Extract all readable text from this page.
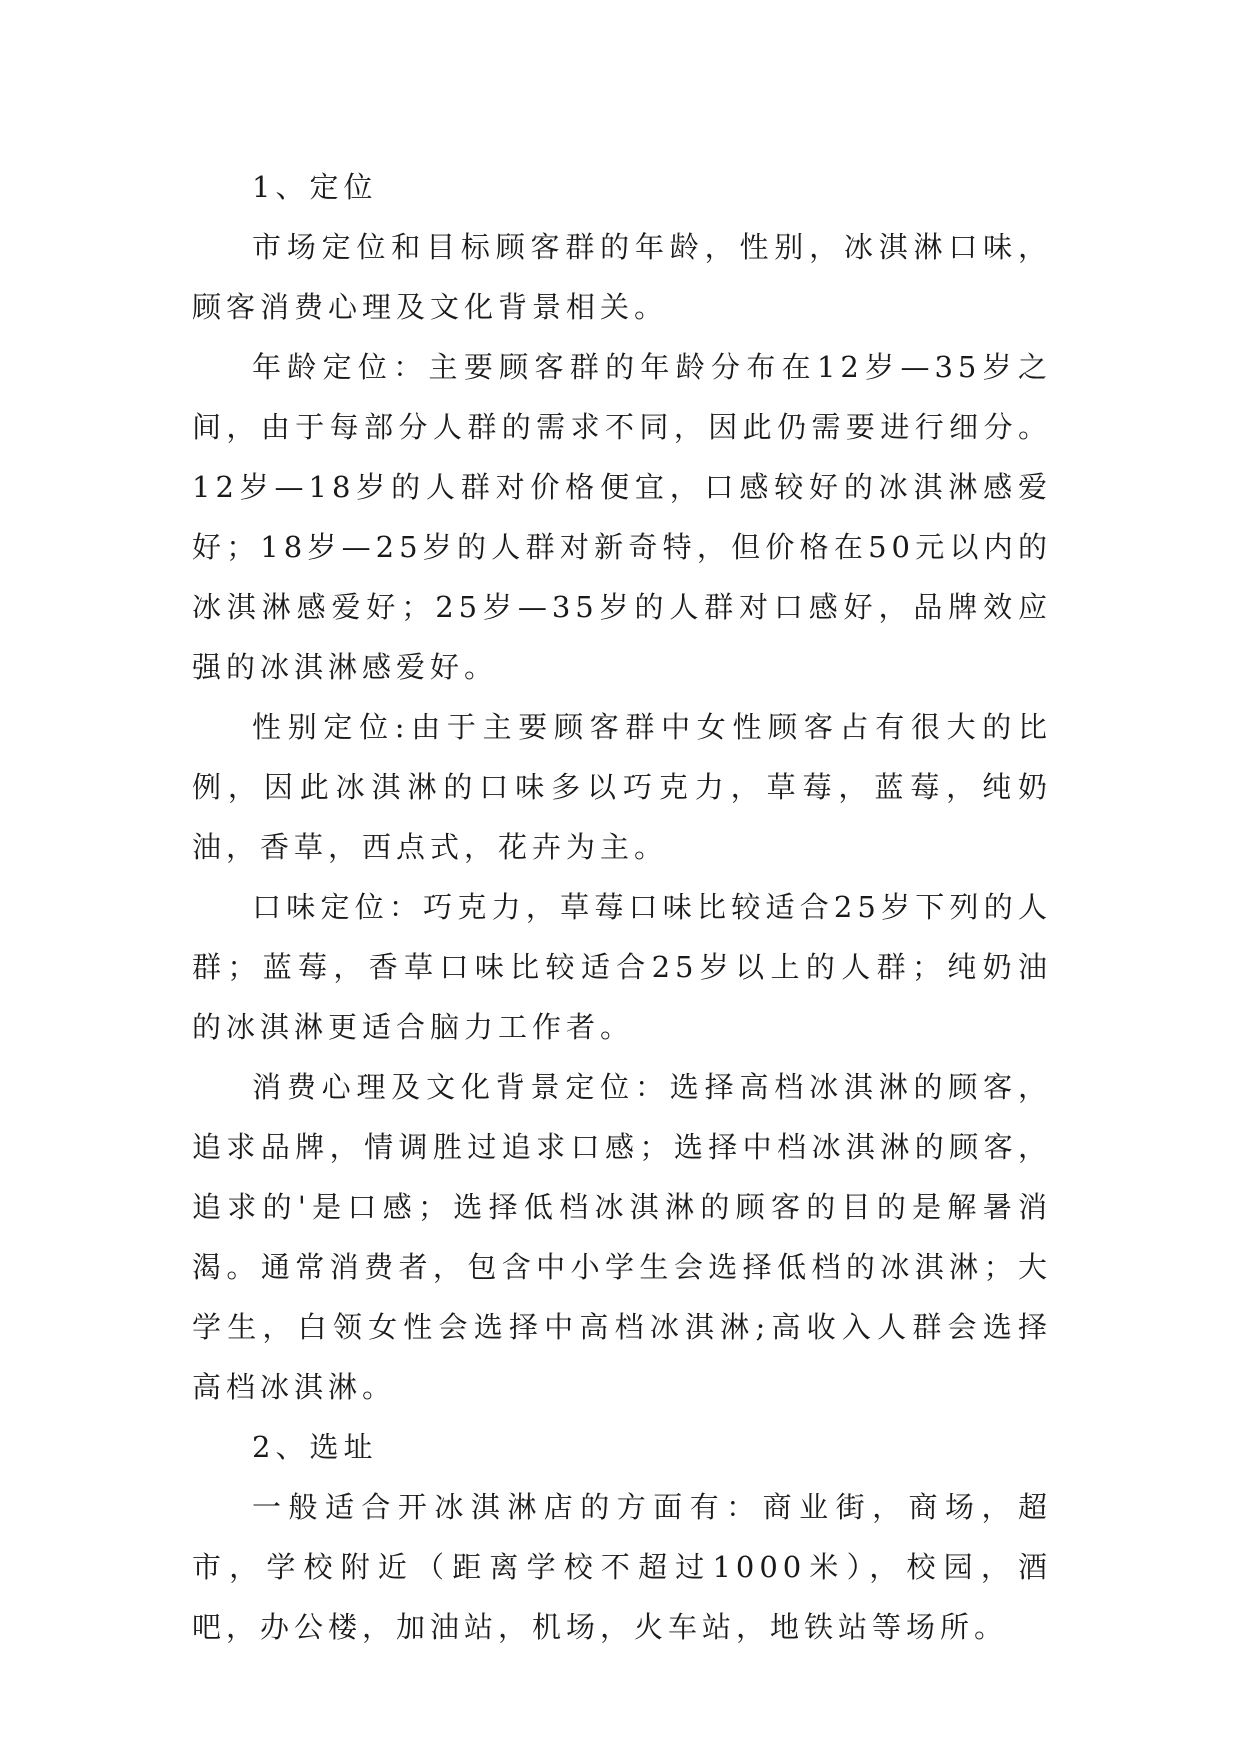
1、定位

市场定位和目标顾客群的年龄，性别，冰淇淋口味，顾客消费心理及文化背景相关。

年龄定位：主要顾客群的年龄分布在12岁—35岁之间，由于每部分人群的需求不同，因此仍需要进行细分。12岁—18岁的人群对价格便宜，口感较好的冰淇淋感爱好；18岁—25岁的人群对新奇特，但价格在50元以内的冰淇淋感爱好；25岁—35岁的人群对口感好，品牌效应强的冰淇淋感爱好。

性别定位:由于主要顾客群中女性顾客占有很大的比例，因此冰淇淋的口味多以巧克力，草莓，蓝莓，纯奶油，香草，西点式，花卉为主。

口味定位：巧克力，草莓口味比较适合25岁下列的人群；蓝莓，香草口味比较适合25岁以上的人群；纯奶油的冰淇淋更适合脑力工作者。

消费心理及文化背景定位：选择高档冰淇淋的顾客，追求品牌，情调胜过追求口感；选择中档冰淇淋的顾客，追求的'是口感；选择低档冰淇淋的顾客的目的是解暑消渴。通常消费者，包含中小学生会选择低档的冰淇淋；大学生，白领女性会选择中高档冰淇淋;高收入人群会选择高档冰淇淋。

2、选址

一般适合开冰淇淋店的方面有：商业街，商场，超市，学校附近（距离学校不超过1000米），校园，酒吧，办公楼，加油站，机场，火车站，地铁站等场所。
